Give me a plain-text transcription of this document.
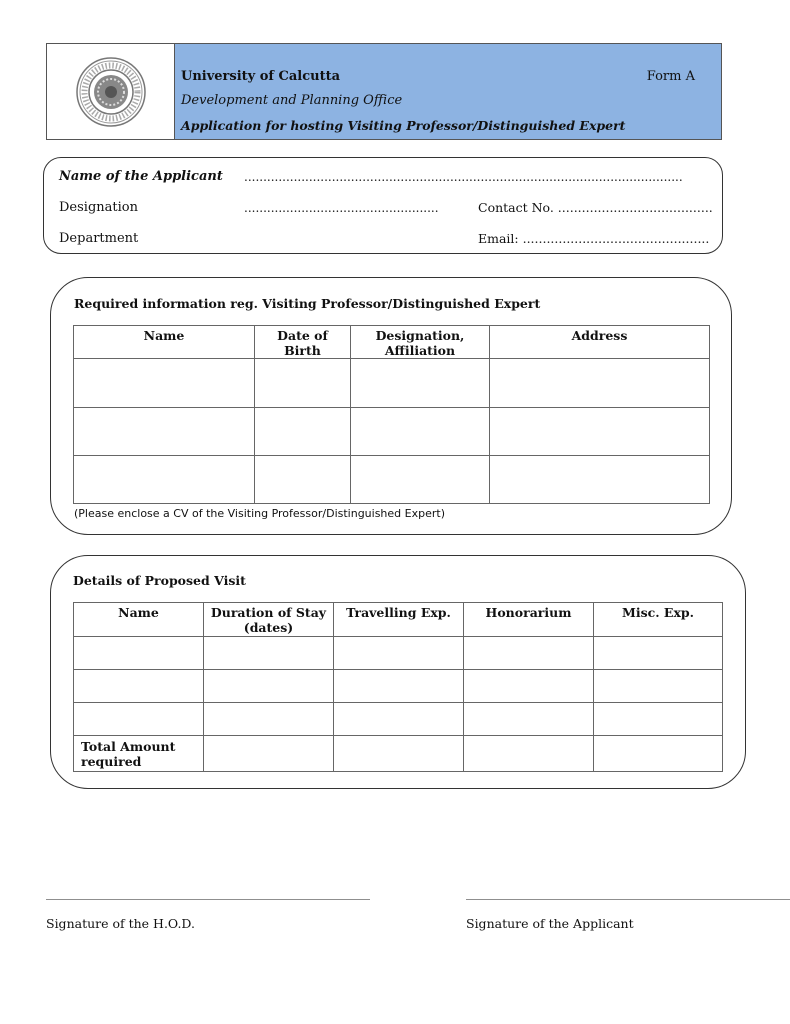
University of Calcutta	Form A
Development and Planning Office
Application for hosting Visiting Professor/Distinguished Expert
Name of the Applicant ...................................................................................................................
Designation	...................................................	Contact No. .......................................
Department	Email: ...............................................
Required information reg. Visiting Professor/Distinguished Expert
Name	Date of Birth	Designation, Affiliation	Address

(Please enclose a CV of the Visiting Professor/Distinguished Expert)
Details of Proposed Visit
Name	Duration of Stay (dates)	Travelling Exp.	Honorarium	Misc. Exp.

Total Amount required				

______________________________________________________	______________________________________________________
Signature of the H.O.D.	Signature of the Applicant
